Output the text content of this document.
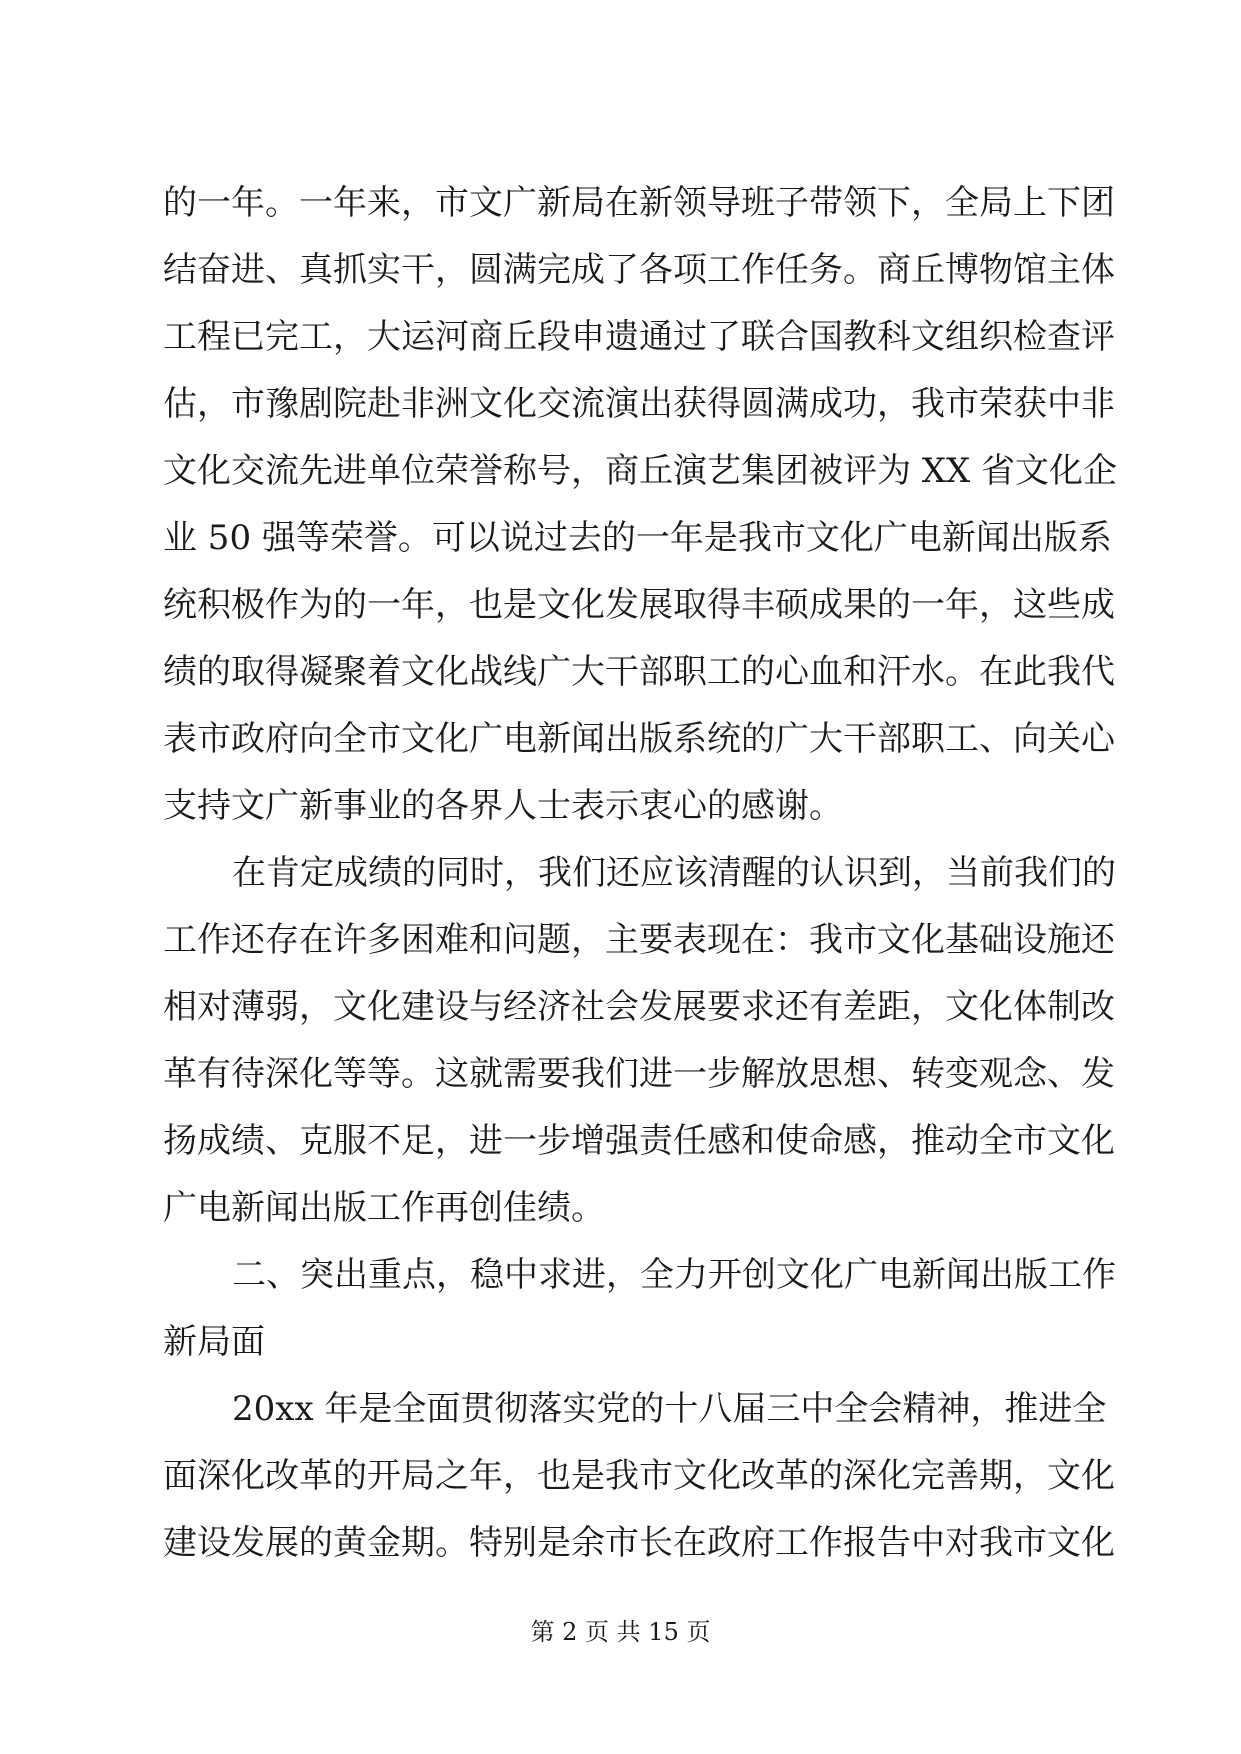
的一年。一年来，市文广新局在新领导班子带领下，全局上下团
结奋进、真抓实干，圆满完成了各项工作任务。商丘博物馆主体
工程已完工，大运河商丘段申遗通过了联合国教科文组织检查评
估，市豫剧院赴非洲文化交流演出获得圆满成功，我市荣获中非
文化交流先进单位荣誉称号，商丘演艺集团被评为 XX 省文化企
业 50 强等荣誉。可以说过去的一年是我市文化广电新闻出版系
统积极作为的一年，也是文化发展取得丰硕成果的一年，这些成
绩的取得凝聚着文化战线广大干部职工的心血和汗水。在此我代
表市政府向全市文化广电新闻出版系统的广大干部职工、向关心
支持文广新事业的各界人士表示衷心的感谢。
在肯定成绩的同时，我们还应该清醒的认识到，当前我们的
工作还存在许多困难和问题，主要表现在：我市文化基础设施还
相对薄弱，文化建设与经济社会发展要求还有差距，文化体制改
革有待深化等等。这就需要我们进一步解放思想、转变观念、发
扬成绩、克服不足，进一步增强责任感和使命感，推动全市文化
广电新闻出版工作再创佳绩。
二、突出重点，稳中求进，全力开创文化广电新闻出版工作
新局面
20xx 年是全面贯彻落实党的十八届三中全会精神，推进全
面深化改革的开局之年，也是我市文化改革的深化完善期，文化
第 2 页 共 15 页
建设发展的黄金期。特别是余市长在政府工作报告中对我市文化
